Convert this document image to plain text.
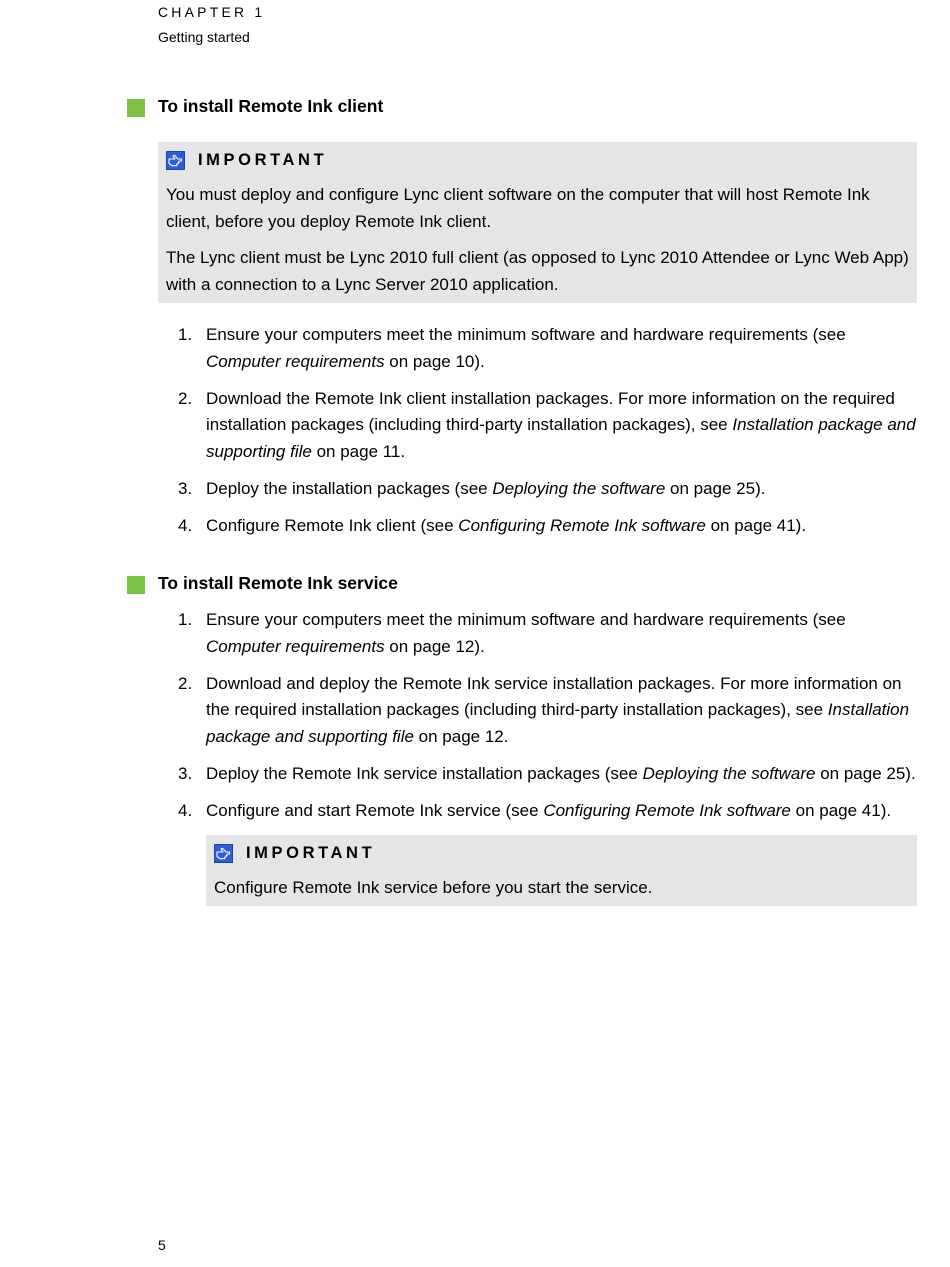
CHAPTER 1
Getting started
To install Remote Ink client
IMPORTANT

You must deploy and configure Lync client software on the computer that will host Remote Ink client, before you deploy Remote Ink client.

The Lync client must be Lync 2010 full client (as opposed to Lync 2010 Attendee or Lync Web App) with a connection to a Lync Server 2010 application.

1. Ensure your computers meet the minimum software and hardware requirements (see Computer requirements on page 10).
2. Download the Remote Ink client installation packages. For more information on the required installation packages (including third-party installation packages), see Installation package and supporting file on page 11.
3. Deploy the installation packages (see Deploying the software on page 25).
4. Configure Remote Ink client (see Configuring Remote Ink software on page 41).
To install Remote Ink service
1. Ensure your computers meet the minimum software and hardware requirements (see Computer requirements on page 12).
2. Download and deploy the Remote Ink service installation packages. For more information on the required installation packages (including third-party installation packages), see Installation package and supporting file on page 12.
3. Deploy the Remote Ink service installation packages (see Deploying the software on page 25).
4. Configure and start Remote Ink service (see Configuring Remote Ink software on page 41).
IMPORTANT

Configure Remote Ink service before you start the service.

5
